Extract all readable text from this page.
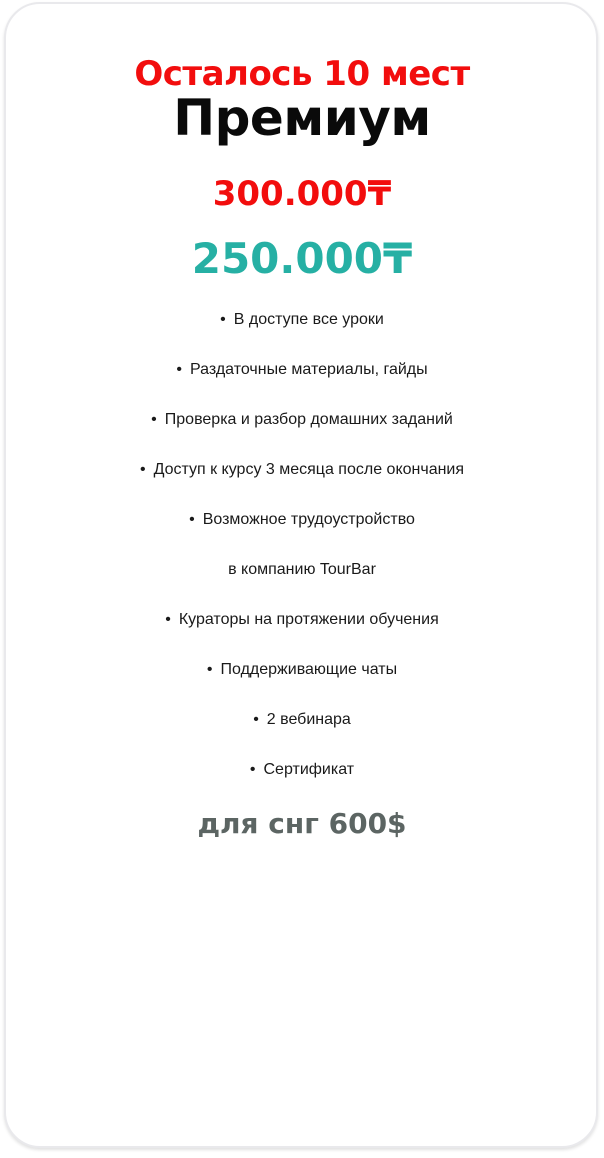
Осталось 10 мест
Премиум
300.000₸
250.000₸
• В доступе все уроки
• Раздаточные материалы, гайды
• Проверка и разбор домашних заданий
• Доступ к курсу 3 месяца после окончания
• Возможное трудоустройство
в компанию TourBar
• Кураторы на протяжении обучения
• Поддерживающие чаты
• 2 вебинара
• Сертификат
для снг 600$
